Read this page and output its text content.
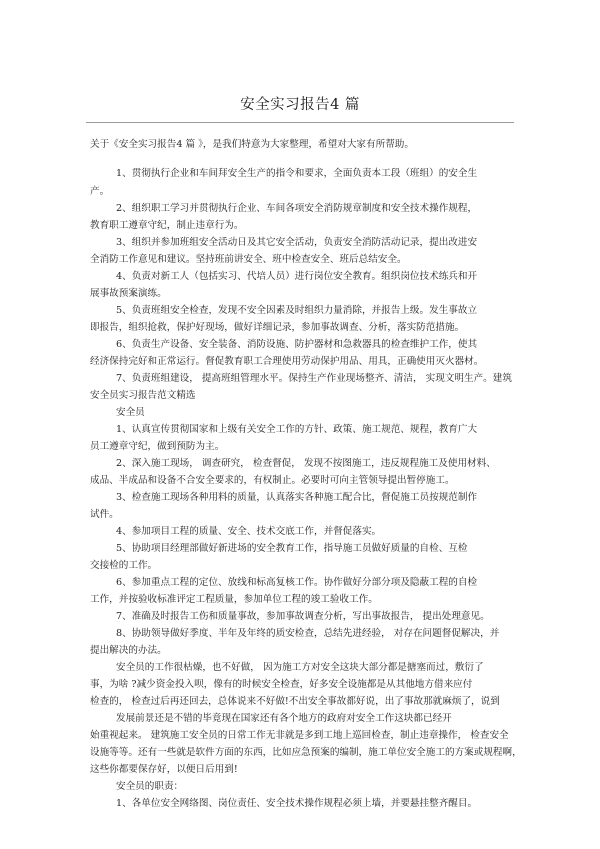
安全实习报告4 篇
关于《安全实习报告4 篇 》，是我们特意为大家整理，希望对大家有所帮助。
1、贯彻执行企业和车间拜安全生产的指令和要求，全面负责本工段（班组）的安全生
产。
2、组织职工学习并贯彻执行企业、车间各项安全消防规章制度和安全技术操作规程，
教育职工遵章守纪，制止违章行为。
3、组织并参加班组安全活动日及其它安全活动，负责安全消防活动记录，提出改进安
全消防工作意见和建议。坚持班前讲安全、班中检查安全、班后总结安全。
4、负责对新工人（包括实习、代培人员）进行岗位安全教育。组织岗位技术练兵和开
展事故预案演练。
5、负责班组安全检查，发现不安全因素及时组织力量消除，并报告上级。发生事故立
即报告，组织抢救，保护好现场，做好详细记录，参加事故调查、分析，落实防范措施。
6、负责生产设备、安全装备、消防设施、防护器材和急救器具的检查维护工作，使其
经济保持完好和正常运行。督促教育职工合理使用劳动保护用品、用具，正确使用灭火器材。
7、负责班组建设， 提高班组管理水平。保持生产作业现场整齐、清洁， 实现文明生产。建筑
安全员实习报告范文精选
安全员
1、认真宣传贯彻国家和上级有关安全工作的方针、政策、施工规范、规程，教育广大
员工遵章守纪，做到预防为主。
2、深入施工现场， 调查研究， 检查督促， 发现不按图施工，违反规程施工及使用材料、
成品、半成品和设备不合安全要求的，有权制止。必要时可向主管领导提出暂停施工。
3、检查施工现场各种用料的质量，认真落实各种施工配合比，督促施工员按规范制作
试件。
4、参加项目工程的质量、安全、技术交底工作，并督促落实。
5、协助项目经理部做好新进场的安全教育工作，指导施工员做好质量的自检、互检
交接检的工作。
6、参加重点工程的定位、放线和标高复核工作。协作做好分部分项及隐蔽工程的自检
工作，并按验收标准评定工程质量，参加单位工程的竣工验收工作。
7、准确及时报告工伤和质量事故，参加事故调查分析，写出事故报告， 提出处理意见。
8、协助领导做好季度、半年及年终的质安检查，总结先进经验， 对存在问题督促解决，并
提出解决的办法。
安全员的工作很枯燥，也不好做， 因为施工方对安全这块大部分都是搪塞而过，敷衍了
事，为啥 ?减少资金投入呗，像有的时候安全检查，好多安全设施都是从其他地方借来应付
检查的， 检查过后再还回去，总体说来不好做!不出安全事故都好说，出了事故那就麻烦了，说到
发展前景还是不错的毕竟现在国家还有各个地方的政府对安全工作这块都已经开
始重视起来。 建筑施工安全员的日常工作无非就是多到工地上巡回检查，制止违章操作， 检查安全
设施等等。还有一些就是软件方面的东西，比如应急预案的编制，施工单位安全施工的方案或规程啊，
这些你都要保存好，以便日后用到!
安全员的职责：
1、各单位安全网络图、岗位责任、安全技术操作规程必须上墙，并要悬挂整齐醒目。
